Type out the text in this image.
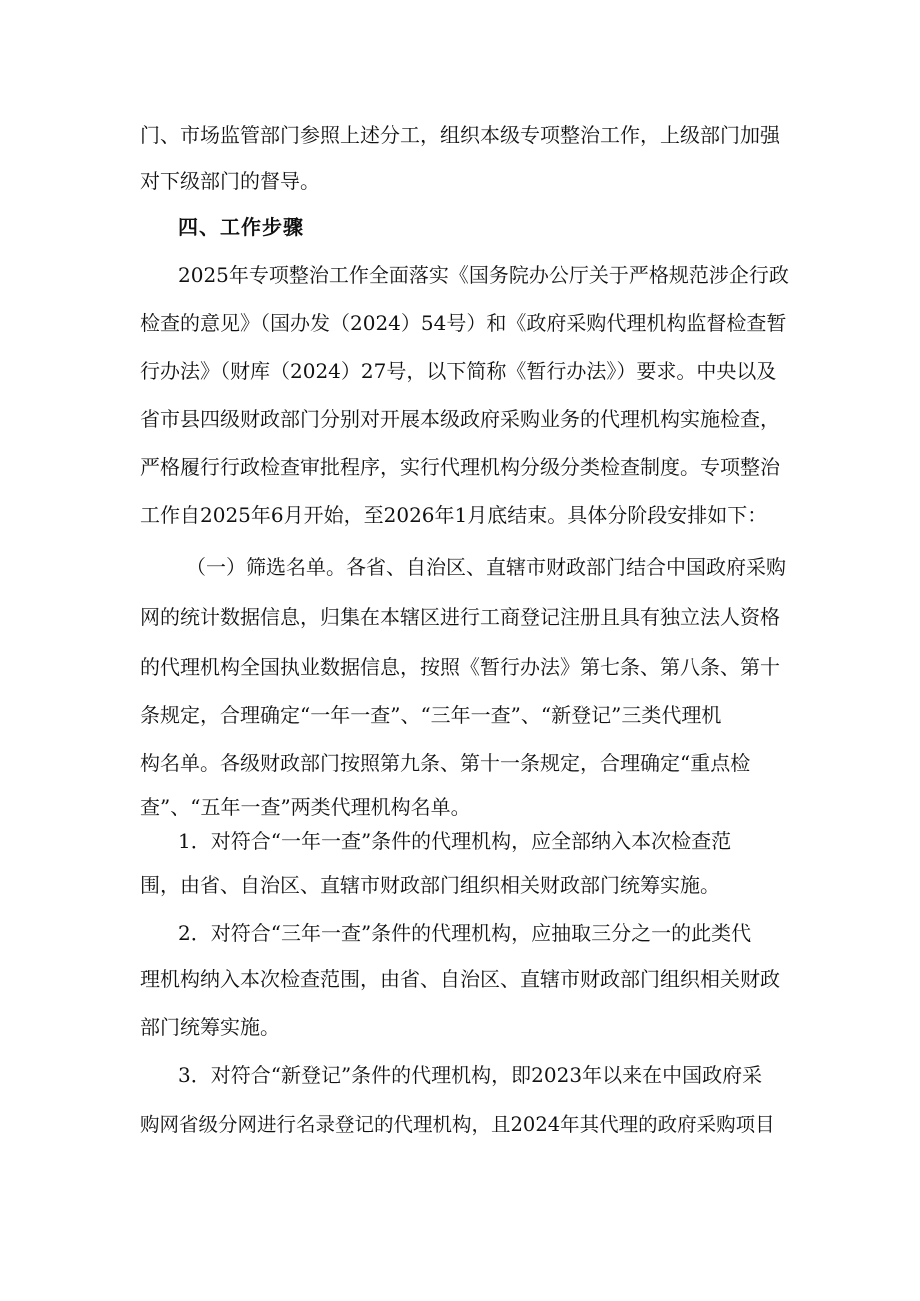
门、市场监管部门参照上述分工，组织本级专项整治工作，上级部门加强
对下级部门的督导。
四、工作步骤
2025年专项整治工作全面落实《国务院办公厅关于严格规范涉企行政
检查的意见》（国办发（2024）54号）和《政府采购代理机构监督检查暂
行办法》（财库（2024）27号，以下简称《暂行办法》）要求。中央以及
省市县四级财政部门分别对开展本级政府采购业务的代理机构实施检查，
严格履行行政检查审批程序，实行代理机构分级分类检查制度。专项整治
工作自2025年6月开始，至2026年1月底结束。具体分阶段安排如下：
（一）筛选名单。各省、自治区、直辖市财政部门结合中国政府采购
网的统计数据信息，归集在本辖区进行工商登记注册且具有独立法人资格
的代理机构全国执业数据信息，按照《暂行办法》第七条、第八条、第十
条规定，合理确定“一年一查”、“三年一查”、“新登记”三类代理机
构名单。各级财政部门按照第九条、第十一条规定，合理确定“重点检
查”、“五年一查”两类代理机构名单。
1．对符合“一年一查”条件的代理机构，应全部纳入本次检查范
围，由省、自治区、直辖市财政部门组织相关财政部门统筹实施。
2．对符合“三年一查”条件的代理机构，应抽取三分之一的此类代
理机构纳入本次检查范围，由省、自治区、直辖市财政部门组织相关财政
部门统筹实施。
3．对符合“新登记”条件的代理机构，即2023年以来在中国政府采
购网省级分网进行名录登记的代理机构，且2024年其代理的政府采购项目
